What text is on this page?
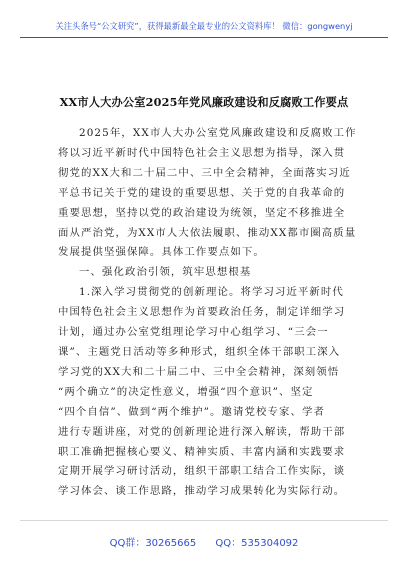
关注头条号“公文研究”，获得最新最全最专业的公文资料库！ 微信：gongwenyj
XX市人大办公室2025年党风廉政建设和反腐败工作要点
2025年，XX市人大办公室党风廉政建设和反腐败工作
将以习近平新时代中国特色社会主义思想为指导，深入贯
彻党的XX大和二十届二中、三中全会精神，全面落实习近
平总书记关于党的建设的重要思想、关于党的自我革命的
重要思想，坚持以党的政治建设为统领，坚定不移推进全
面从严治党，为XX市人大依法履职、推动XX都市圈高质量
发展提供坚强保障。具体工作要点如下。
一、强化政治引领，筑牢思想根基
1.深入学习贯彻党的创新理论。将学习习近平新时代
中国特色社会主义思想作为首要政治任务，制定详细学习
计划，通过办公室党组理论学习中心组学习、“三会一
课”、主题党日活动等多种形式，组织全体干部职工深入
学习党的XX大和二十届二中、三中全会精神，深刻领悟
“两个确立”的决定性意义，增强“四个意识”、坚定
“四个自信”、做到“两个维护”。邀请党校专家、学者
进行专题讲座，对党的创新理论进行深入解读，帮助干部
职工准确把握核心要义、精神实质、丰富内涵和实践要求
定期开展学习研讨活动，组织干部职工结合工作实际，谈
学习体会、谈工作思路，推动学习成果转化为实际行动。
QQ群：30265665 QQ：535304092
